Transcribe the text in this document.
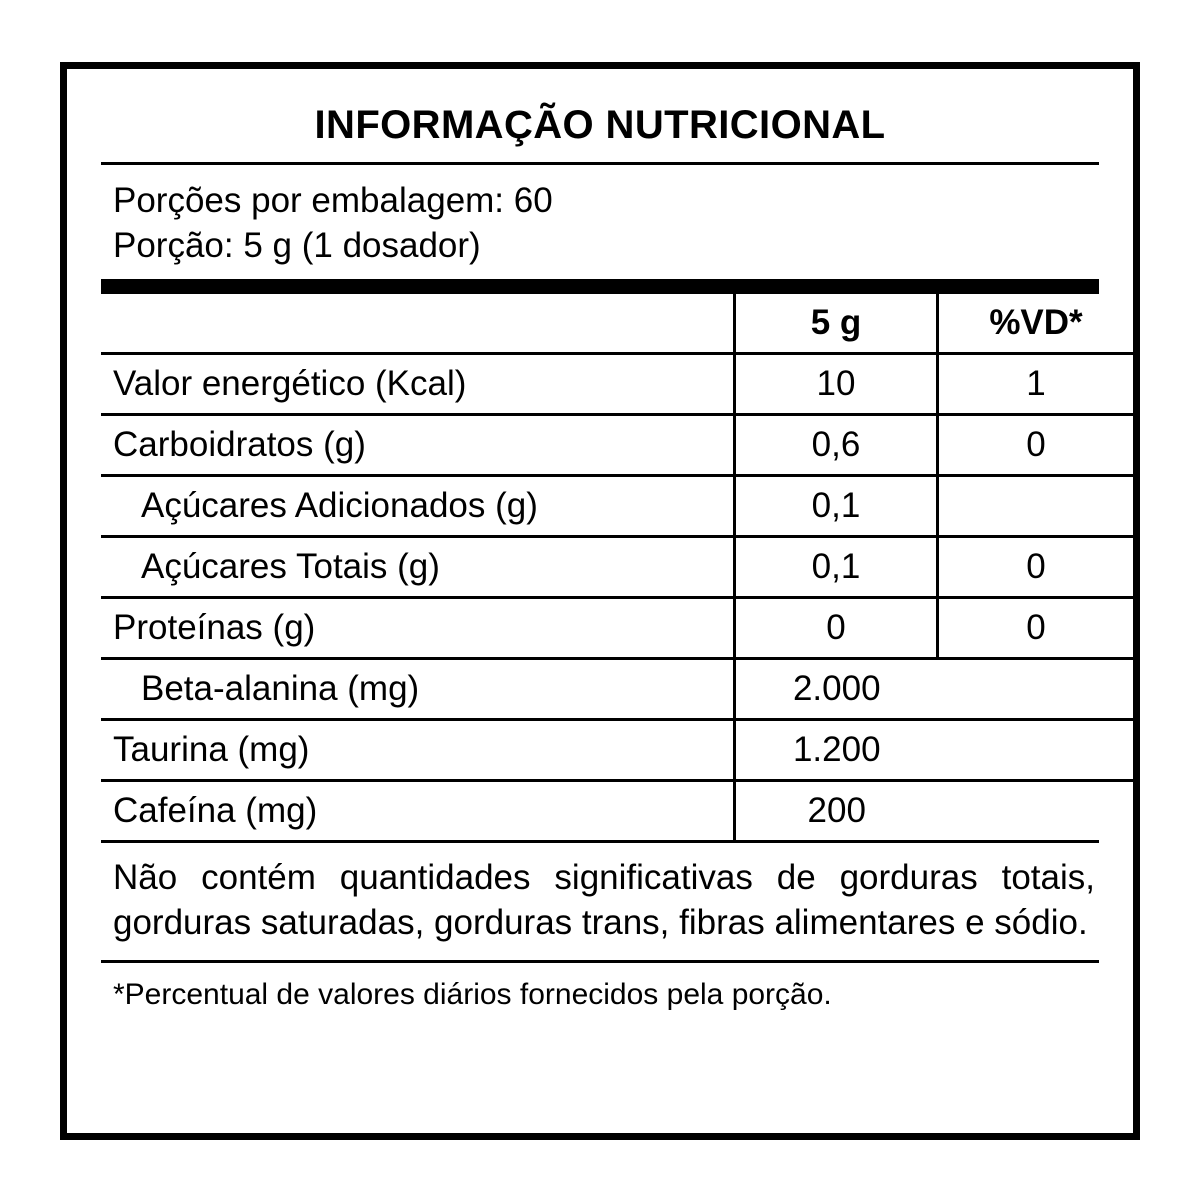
INFORMAÇÃO NUTRICIONAL
Porções por embalagem: 60
Porção: 5 g (1 dosador)
	5 g	%VD*
Valor energético (Kcal)	10	1
Carboidratos (g)	0,6	0
Açúcares Adicionados (g)	0,1	
Açúcares Totais (g)	0,1	0
Proteínas (g)	0	0
Beta-alanina (mg)	2.000	
Taurina (mg)	1.200	
Cafeína (mg)	200	
Não contém quantidades significativas de gorduras totais, gorduras saturadas, gorduras trans, fibras alimentares e sódio.
*Percentual de valores diários fornecidos pela porção.
